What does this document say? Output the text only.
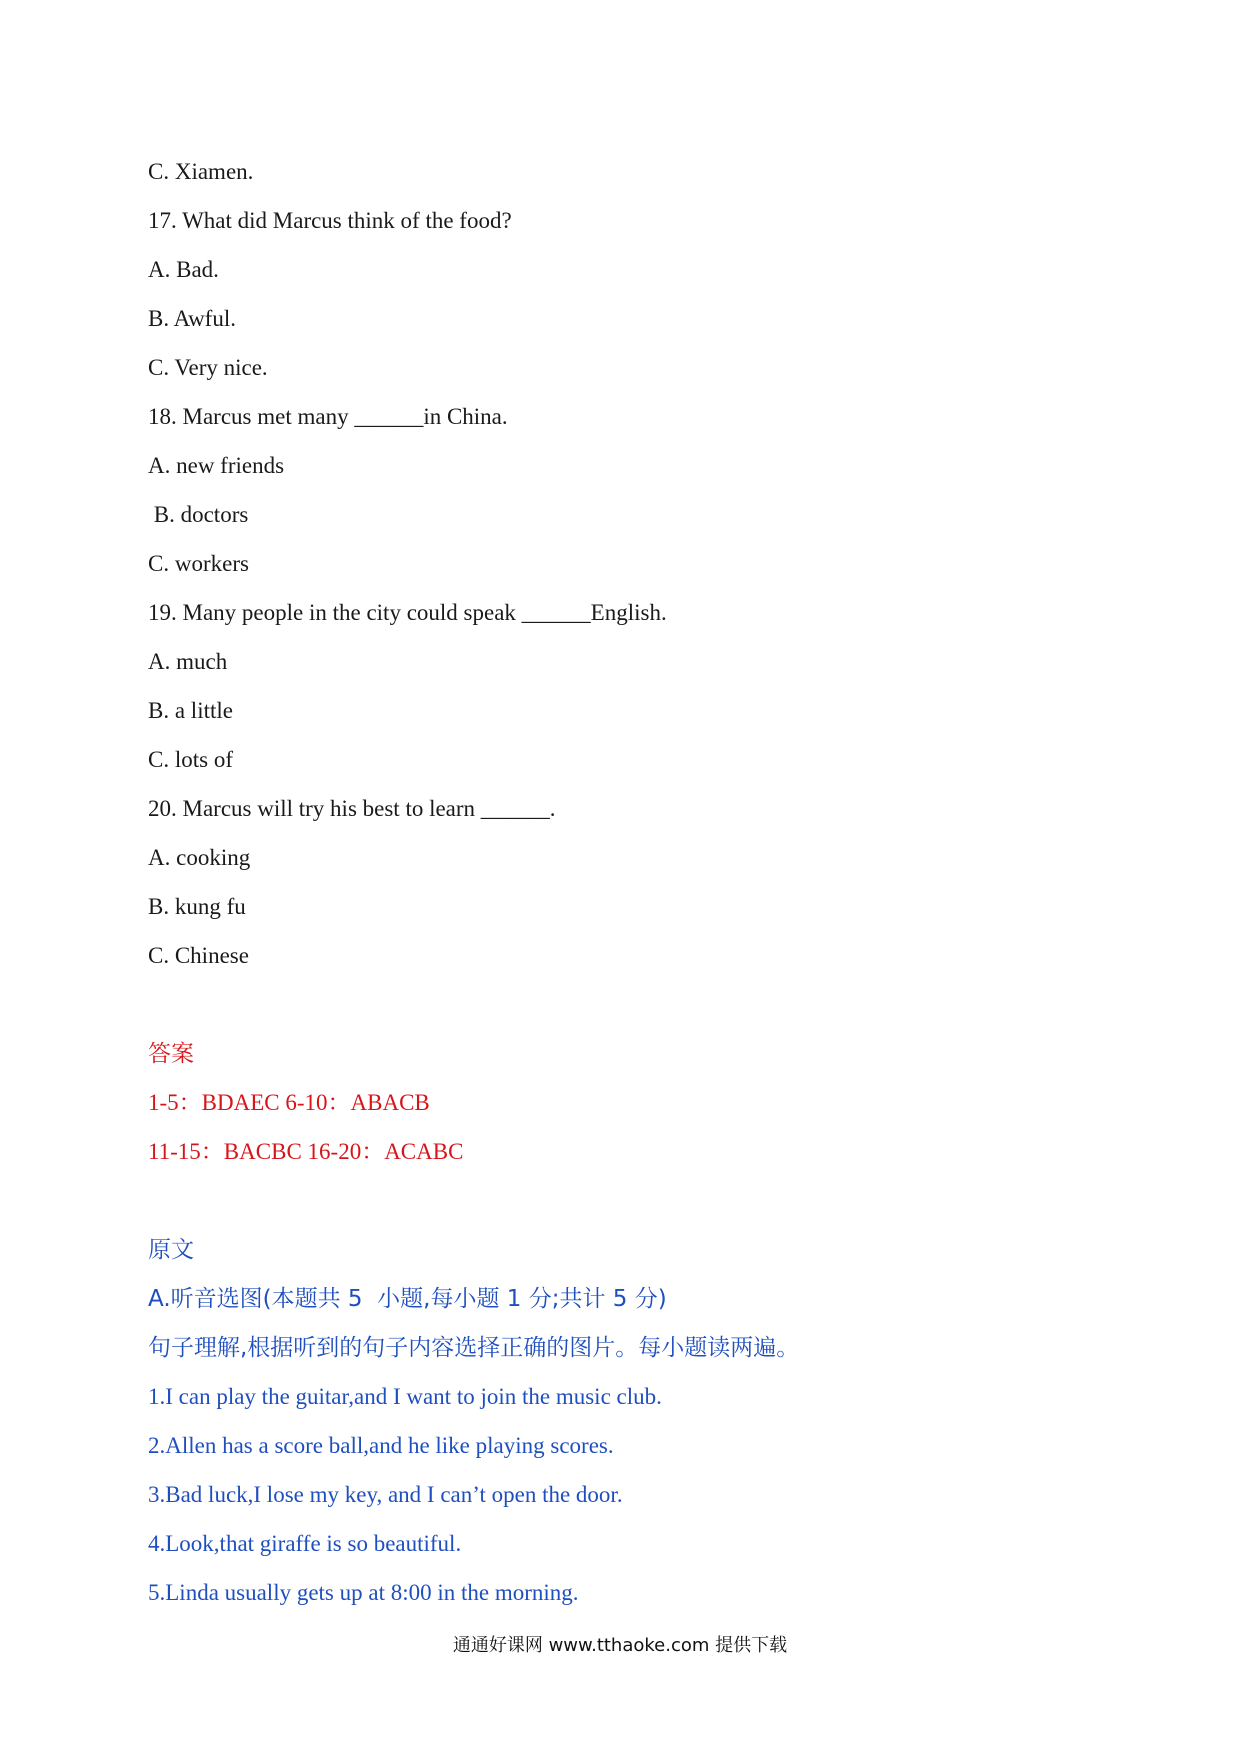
C. Xiamen.
17. What did Marcus think of the food?
A. Bad.
B. Awful.
C. Very nice.
18. Marcus met many ______in China.
A. new friends
B. doctors
C. workers
19. Many people in the city could speak ______English.
A. much
B. a little
C. lots of
20. Marcus will try his best to learn ______.
A. cooking
B. kung fu
C. Chinese
答案
1-5：BDAEC 6-10：ABACB
11-15：BACBC 16-20：ACABC
原文
A.听音选图(本题共 5  小题,每小题 1 分;共计 5 分)
句子理解,根据听到的句子内容选择正确的图片。每小题读两遍。
1.I can play the guitar,and I want to join the music club.
2.Allen has a score ball,and he like playing scores.
3.Bad luck,I lose my key, and I can’t open the door.
4.Look,that giraffe is so beautiful.
5.Linda usually gets up at 8:00 in the morning.
通通好课网 www.tthaoke.com 提供下载
